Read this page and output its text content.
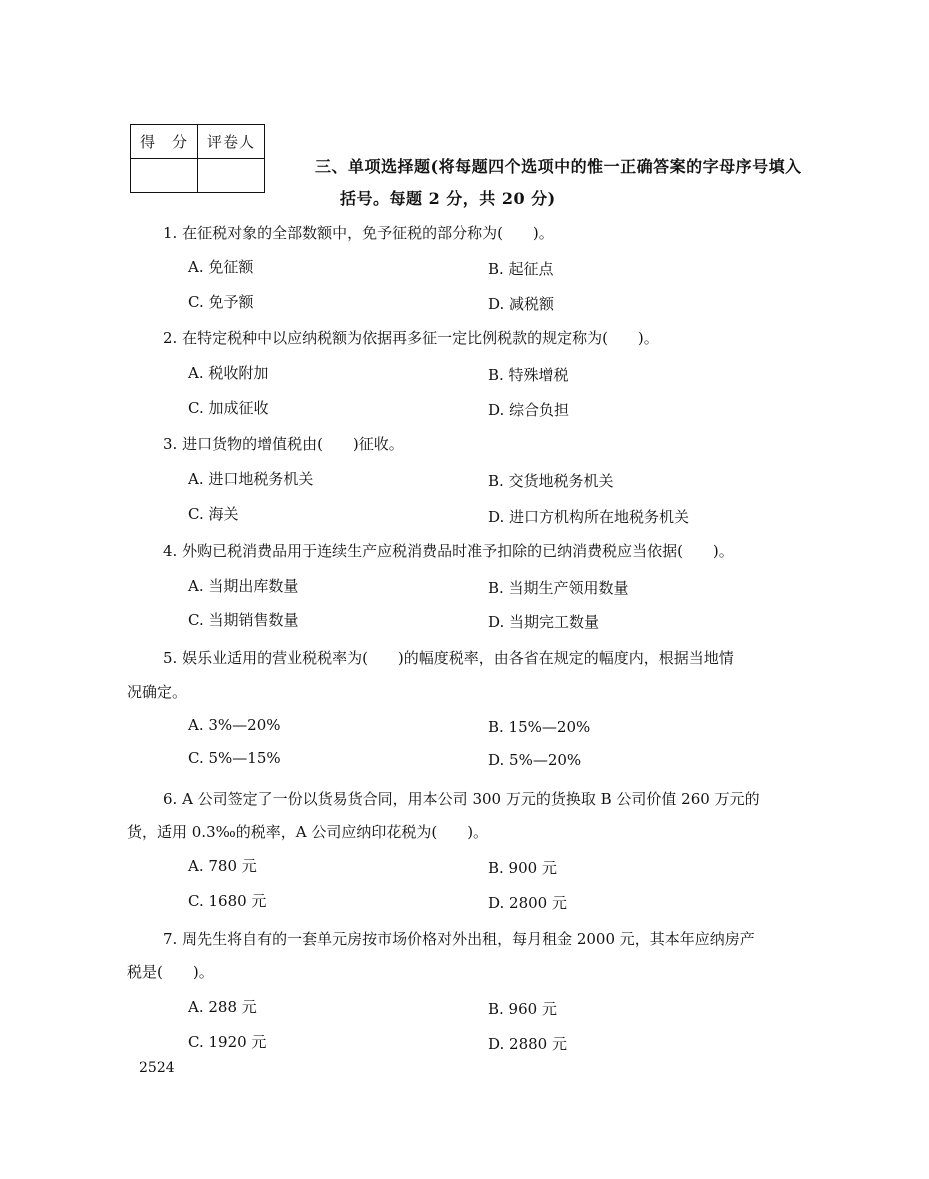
得　分	评卷人

三、单项选择题(将每题四个选项中的惟一正确答案的字母序号填入
括号。每题 2 分，共 20 分)
1. 在征税对象的全部数额中，免予征税的部分称为(　　)。
A. 免征额	B. 起征点
C. 免予额	D. 减税额
2. 在特定税种中以应纳税额为依据再多征一定比例税款的规定称为(　　)。
A. 税收附加	B. 特殊增税
C. 加成征收	D. 综合负担
3. 进口货物的增值税由(　　)征收。
A. 进口地税务机关	B. 交货地税务机关
C. 海关	D. 进口方机构所在地税务机关
4. 外购已税消费品用于连续生产应税消费品时准予扣除的已纳消费税应当依据(　　)。
A. 当期出库数量	B. 当期生产领用数量
C. 当期销售数量	D. 当期完工数量
5. 娱乐业适用的营业税税率为(　　)的幅度税率，由各省在规定的幅度内，根据当地情
况确定。
A. 3%—20%	B. 15%—20%
C. 5%—15%	D. 5%—20%
6. A 公司签定了一份以货易货合同，用本公司 300 万元的货换取 B 公司价值 260 万元的
货，适用 0.3‰的税率，A 公司应纳印花税为(　　)。
A. 780 元	B. 900 元
C. 1680 元	D. 2800 元
7. 周先生将自有的一套单元房按市场价格对外出租，每月租金 2000 元，其本年应纳房产
税是(　　)。
A. 288 元	B. 960 元
C. 1920 元	D. 2880 元
2524
